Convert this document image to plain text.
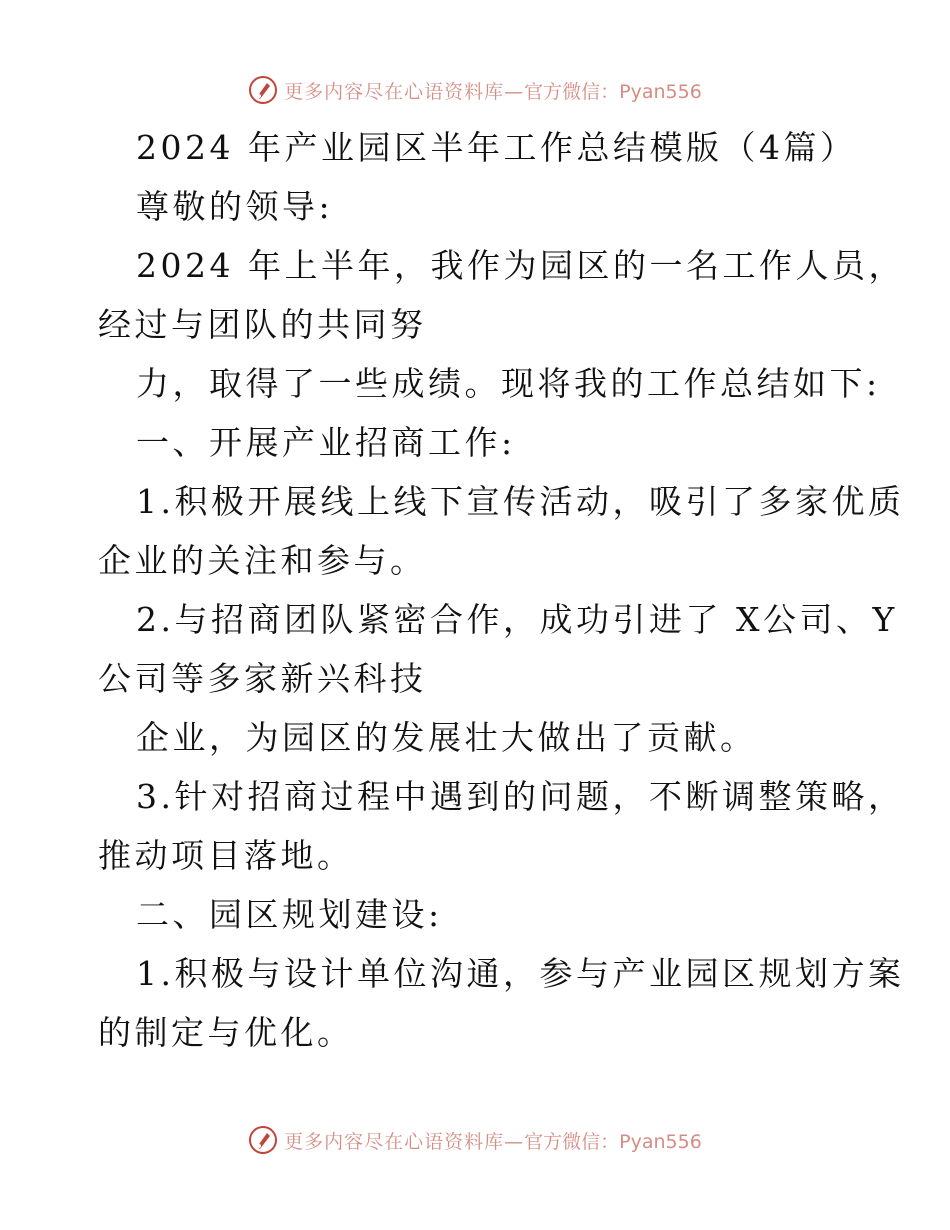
更多内容尽在心语资料库— 官方微信：Pyan556
2024 年产业园区半年工作总结模版（4篇）
尊敬的领导:
2024 年上半年，我作为园区的一名工作人员，
经过与团队的共同努
力，取得了一些成绩。现将我的工作总结如下:
一、开展产业招商工作:
1.积极开展线上线下宣传活动，吸引了多家优质
企业的关注和参与。
2.与招商团队紧密合作，成功引进了 X公司、Y
公司等多家新兴科技
企业，为园区的发展壮大做出了贡献。
3.针对招商过程中遇到的问题，不断调整策略，
推动项目落地。
二、园区规划建设:
1.积极与设计单位沟通，参与产业园区规划方案
的制定与优化。
更多内容尽在心语资料库— 官方微信：Pyan556
